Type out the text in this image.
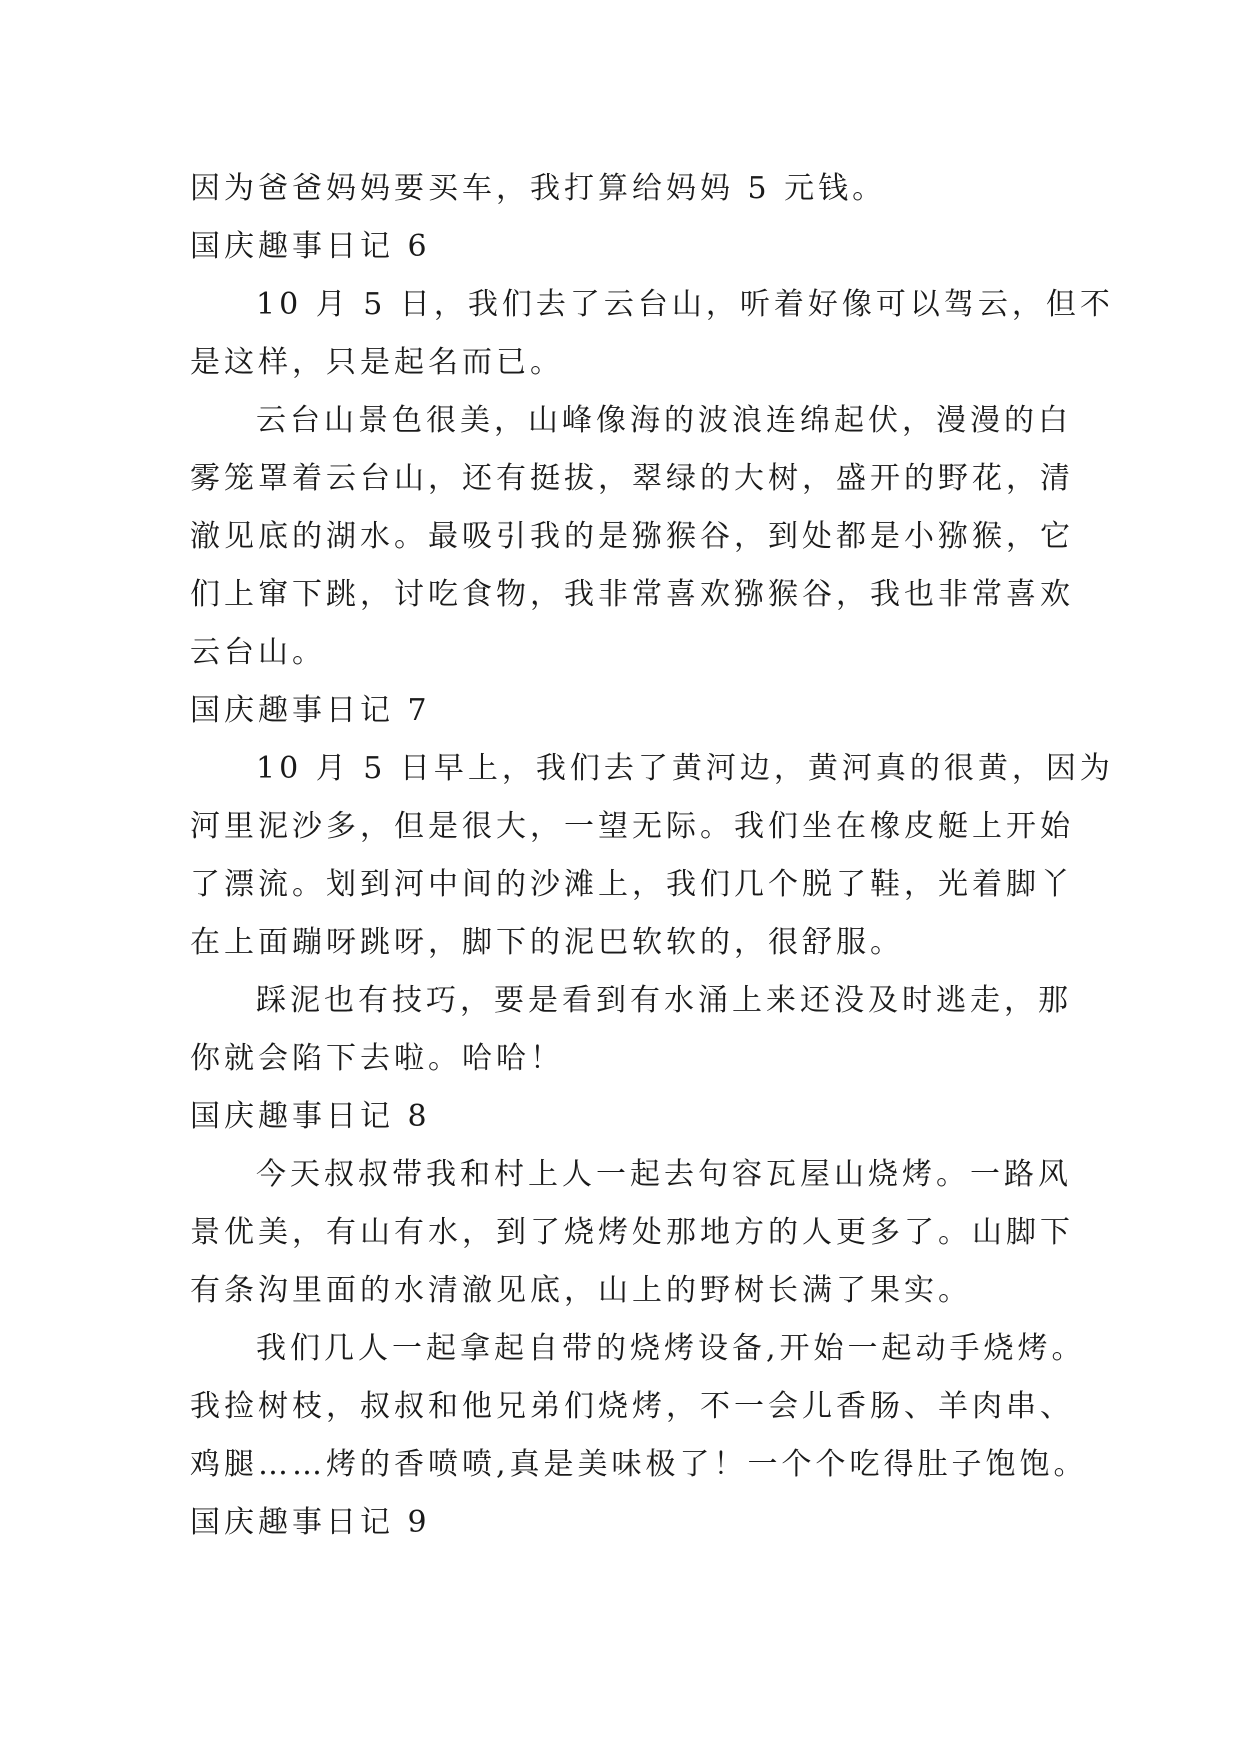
因为爸爸妈妈要买车，我打算给妈妈 5 元钱。
国庆趣事日记 6
10 月 5 日，我们去了云台山，听着好像可以驾云，但不
是这样，只是起名而已。
云台山景色很美，山峰像海的波浪连绵起伏，漫漫的白
雾笼罩着云台山，还有挺拔，翠绿的大树，盛开的野花，清
澈见底的湖水。最吸引我的是猕猴谷，到处都是小猕猴，它
们上窜下跳，讨吃食物，我非常喜欢猕猴谷，我也非常喜欢
云台山。
国庆趣事日记 7
10 月 5 日早上，我们去了黄河边，黄河真的很黄，因为
河里泥沙多，但是很大，一望无际。我们坐在橡皮艇上开始
了漂流。划到河中间的沙滩上，我们几个脱了鞋，光着脚丫
在上面蹦呀跳呀，脚下的泥巴软软的，很舒服。
踩泥也有技巧，要是看到有水涌上来还没及时逃走，那
你就会陷下去啦。哈哈！
国庆趣事日记 8
今天叔叔带我和村上人一起去句容瓦屋山烧烤。一路风
景优美，有山有水，到了烧烤处那地方的人更多了。山脚下
有条沟里面的水清澈见底，山上的野树长满了果实。
我们几人一起拿起自带的烧烤设备,开始一起动手烧烤。
我捡树枝，叔叔和他兄弟们烧烤，不一会儿香肠、羊肉串、
鸡腿……烤的香喷喷,真是美味极了！一个个吃得肚子饱饱。
国庆趣事日记 9
